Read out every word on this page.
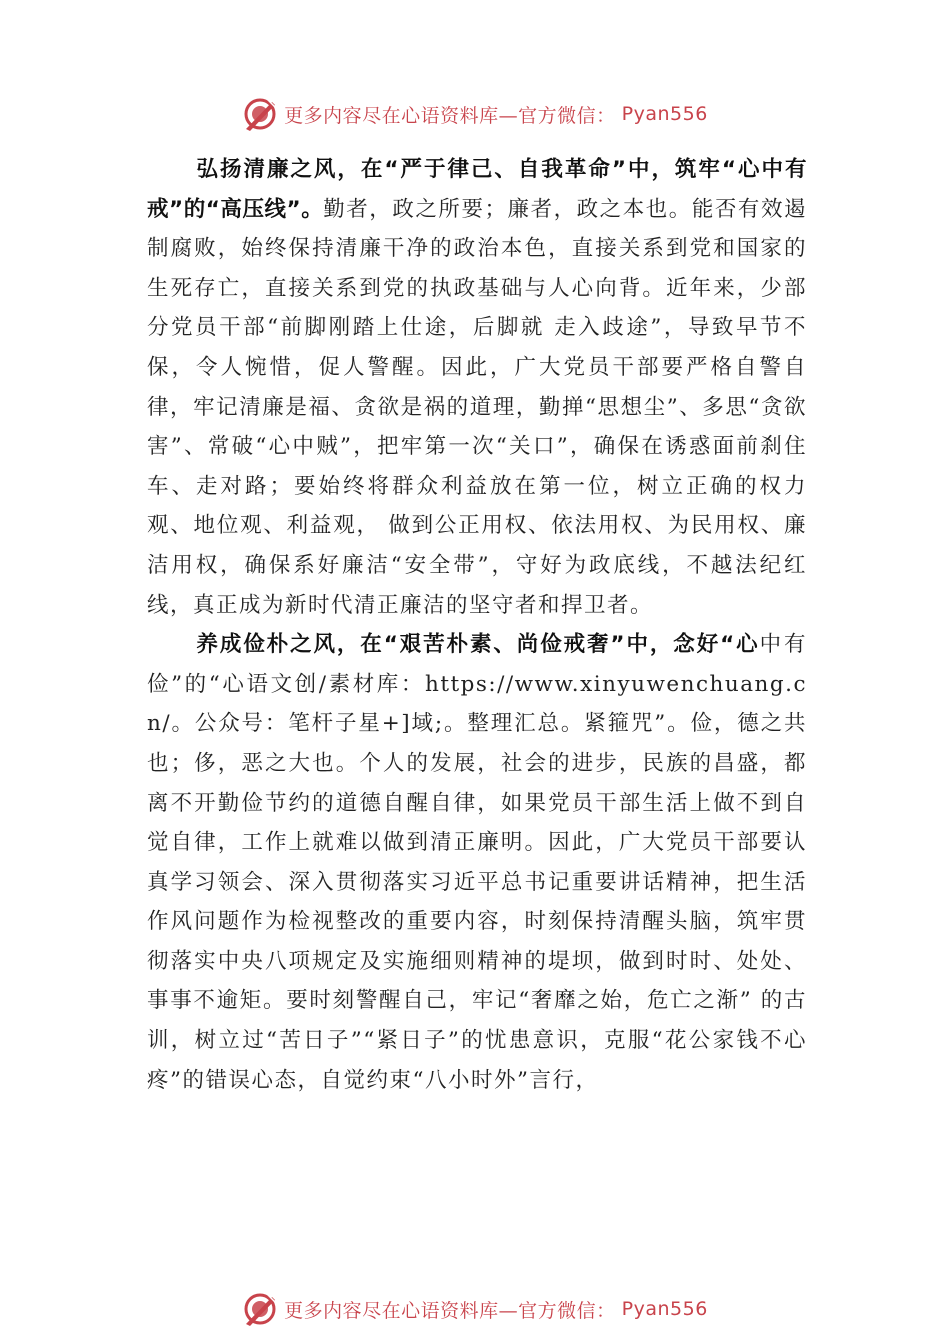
更多内容尽在心语资料库—官方微信： Pyan556

弘扬清廉之风，在“严于律己、自我革命”中，筑牢“心中有戒”的“高压线”。勤者，政之所要；廉者，政之本也。能否有效遏制腐败，始终保持清廉干净的政治本色，直接关系到党和国家的生死存亡，直接关系到党的执政基础与人心向背。近年来，少部分党员干部“前脚刚踏上仕途，后脚就 走入歧途”，导致早节不保，令人惋惜，促人警醒。因此，广大党员干部要严格自警自律，牢记清廉是福、贪欲是祸的道理，勤掸“思想尘”、多思“贪欲害”、常破“心中贼”，把牢第一次“关口”，确保在诱惑面前刹住车、走对路；要始终将群众利益放在第一位，树立正确的权力观、地位观、利益观， 做到公正用权、依法用权、为民用权、廉洁用权，确保系好廉洁“安全带”，守好为政底线，不越法纪红线，真正成为新时代清正廉洁的坚守者和捍卫者。

养成俭朴之风，在“艰苦朴素、尚俭戒奢”中，念好“心中有俭”的“心语文创/素材库：https://www.xinyuwenchuang.cn/。公众号：笔杆子星+]域;。整理汇总。紧箍咒”。俭，德之共也；侈，恶之大也。个人的发展，社会的进步，民族的昌盛，都离不开勤俭节约的道德自醒自律，如果党员干部生活上做不到自觉自律，工作上就难以做到清正廉明。因此，广大党员干部要认真学习领会、深入贯彻落实习近平总书记重要讲话精神，把生活作风问题作为检视整改的重要内容，时刻保持清醒头脑，筑牢贯彻落实中央八项规定及实施细则精神的堤坝，做到时时、处处、事事不逾矩。要时刻警醒自己，牢记“奢靡之始，危亡之渐” 的古训，树立过“苦日子”“紧日子”的忧患意识，克服“花公家钱不心疼”的错误心态，自觉约束“八小时外”言行，

更多内容尽在心语资料库—官方微信： Pyan556
